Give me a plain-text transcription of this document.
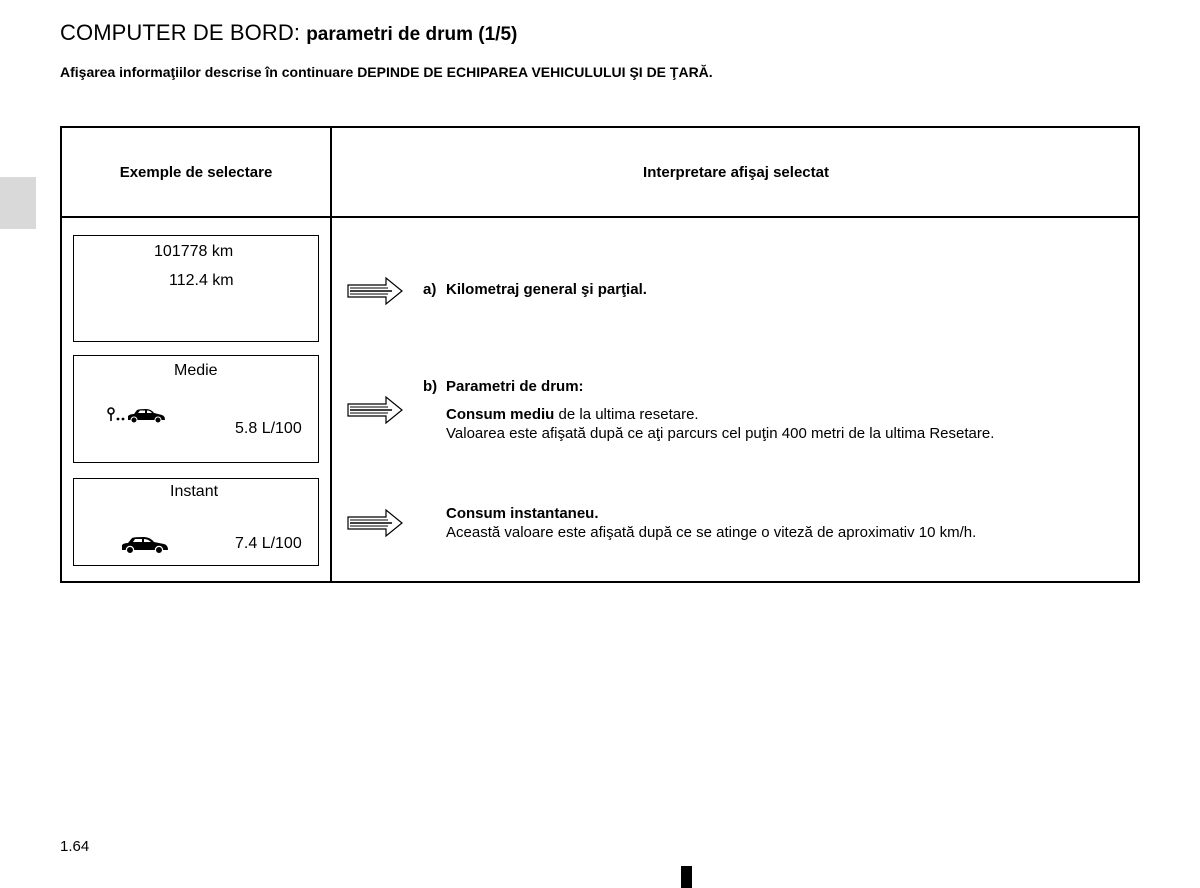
COMPUTER DE BORD: parametri de drum (1/5)

Afişarea informaţiilor descrise în continuare DEPINDE DE ECHIPAREA VEHICULULUI ŞI DE ŢARĂ.

Exemple de selectare	Interpretare afişaj selectat
101778 km
112.4 km
Medie
5.8 L/100
Instant
7.4 L/100
a) Kilometraj general şi parţial.
b) Parametri de drum:
Consum mediu de la ultima resetare.
Valoarea este afişată după ce aţi parcurs cel puţin 400 metri de la ultima Resetare.
Consum instantaneu.
Această valoare este afişată după ce se atinge o viteză de aproximativ 10 km/h.
1.64
